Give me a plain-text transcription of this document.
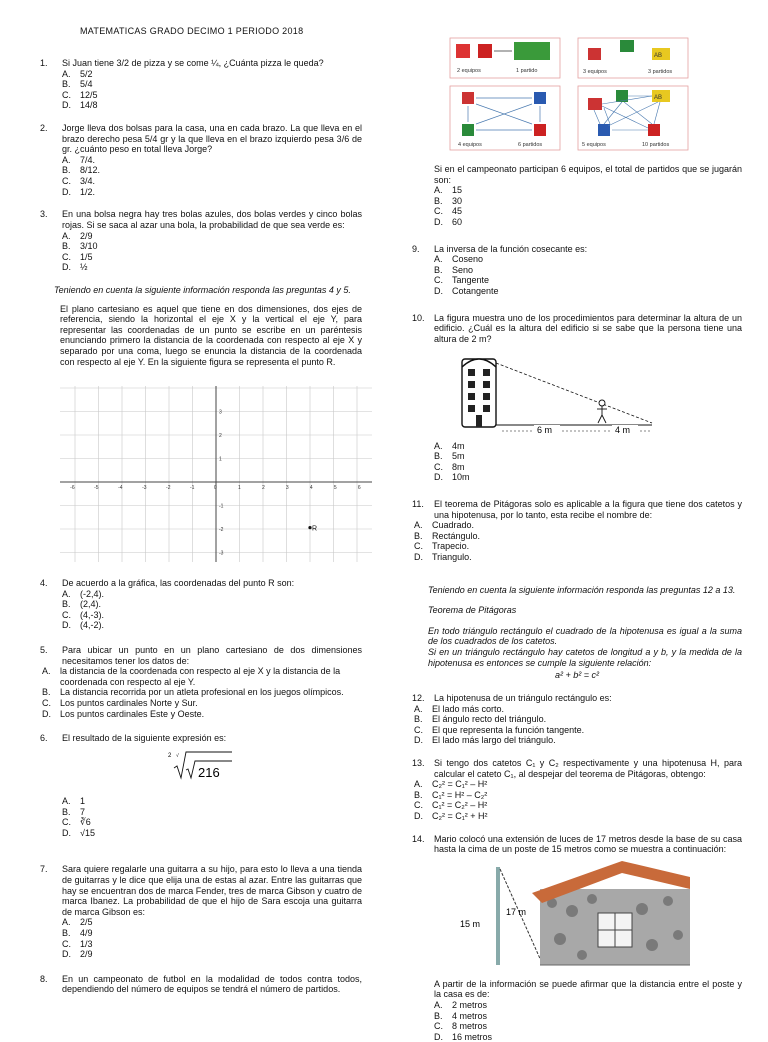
MATEMATICAS GRADO DECIMO 1 PERIODO 2018
1.	Si Juan tiene 3/2 de pizza y se come ¼, ¿Cuánta pizza le queda?
A.	5/2
B.	5/4
C.	12/5
D.	14/8
2.	Jorge lleva dos bolsas para la casa, una en cada brazo. La que lleva en el brazo derecho pesa 5/4 gr y la que lleva en el brazo izquierdo pesa 3/6 de gr. ¿cuánto peso en total lleva Jorge?
A.	7/4.
B.	8/12.
C.	3/4.
D.	1/2.
3.	En una bolsa negra hay tres bolas azules, dos bolas verdes y cinco bolas rojas. Si se saca al azar una bola, la probabilidad de que sea verde es:
A.	2/9
B.	3/10
C.	1/5
D.	½
Teniendo en cuenta la siguiente información responda las preguntas 4 y 5.
El plano cartesiano es aquel que tiene en dos dimensiones, dos ejes de referencia, siendo la horizontal el eje X y la vertical el eje Y, para representar las coordenadas de un punto se escribe en un paréntesis enunciando primero la distancia de la coordenada con respecto al eje X y separado por una coma, luego se enuncia la distancia de la coordenada con respecto al eje Y. En la siguiente figura se representa el punto R.
-6	-5	-4	-3	-2	-1	0	1	2	3	4	5	6
3
2
1
-1
-2
-3
R
4.	De acuerdo a la gráfica, las coordenadas del punto R son:
A.	(-2,4).
B.	(2,4).
C.	(4,-3).
D.	(4,-2).
5.	Para ubicar un punto en un plano cartesiano de dos dimensiones necesitamos tener los datos de:
A.	la distancia de la coordenada con respecto al eje X y la distancia de la coordenada con respecto al eje Y.
B.	La distancia recorrida por un atleta profesional en los juegos olímpicos.
C.	Los puntos cardinales Norte y Sur.
D.	Los puntos cardinales Este y Oeste.
6.	El resultado de la siguiente expresión es:
2 √
216
A.	1
B.	7
C.	∛6
D.	√15
7.	Sara quiere regalarle una guitarra a su hijo, para esto lo lleva a una tienda de guitarras y le dice que elija una de estas al azar. Entre las guitarras que hay se encuentran dos de marca Fender, tres de marca Gibson y cuatro de marca Ibanez. La probabilidad de que el hijo de Sara escoja una guitarra de marca Gibson es:
A.	2/5
B.	4/9
C.	1/3
D.	2/9
8.	En un campeonato de futbol en la modalidad de todos contra todos, dependiendo del número de equipos se tendrá el número de partidos.
2 equipos	1 partido
AB
3 equipos	3 partidos
4 equipos	6 partidos
AB
5 equipos	10 partidos
Si en el campeonato participan 6 equipos, el total de partidos que se jugarán son:
A.	15
B.	30
C.	45
D.	60
9.	La inversa de la función cosecante es:
A.	Coseno
B.	Seno
C.	Tangente
D.	Cotangente
10.	La figura muestra uno de los procedimientos para determinar la altura de un edificio. ¿Cuál es la altura del edificio si se sabe que la persona tiene una altura de 2 m?
6 m	4 m
A.	4m
B.	5m
C.	8m
D.	10m
11.	El teorema de Pitágoras solo es aplicable a la figura que tiene dos catetos y una hipotenusa, por lo tanto, esta recibe el nombre de:
A.	Cuadrado.
B.	Rectángulo.
C.	Trapecio.
D.	Triangulo.
Teniendo en cuenta la siguiente información responda las preguntas 12 a 13.
Teorema de Pitágoras
En todo triángulo rectángulo el cuadrado de la hipotenusa es igual a la suma de los cuadrados de los catetos.
Si en un triángulo rectángulo hay catetos de longitud a y b, y la medida de la hipotenusa es entonces se cumple la siguiente relación:
a² + b² = c²
12.	La hipotenusa de un triángulo rectángulo es:
A.	El lado más corto.
B.	El ángulo recto del triángulo.
C.	El que representa la función tangente.
D.	El lado más largo del triángulo.
13.	Si tengo dos catetos C₁ y C₂ respectivamente y una hipotenusa H, para calcular el cateto C₁, al despejar del teorema de Pitágoras, obtengo:
A.	C₂² = C₁² – H²
B.	C₁² = H² – C₂²
C.	C₁² = C₂² – H²
D.	C₂² = C₁² + H²
14.	Mario colocó una extensión de luces de 17 metros desde la base de su casa hasta la cima de un poste de 15 metros como se muestra a continuación:
17 m
15 m
A partir de la información se puede afirmar que la distancia entre el poste y la casa es de:
A.	2 metros
B.	4 metros
C.	8 metros
D.	16 metros
